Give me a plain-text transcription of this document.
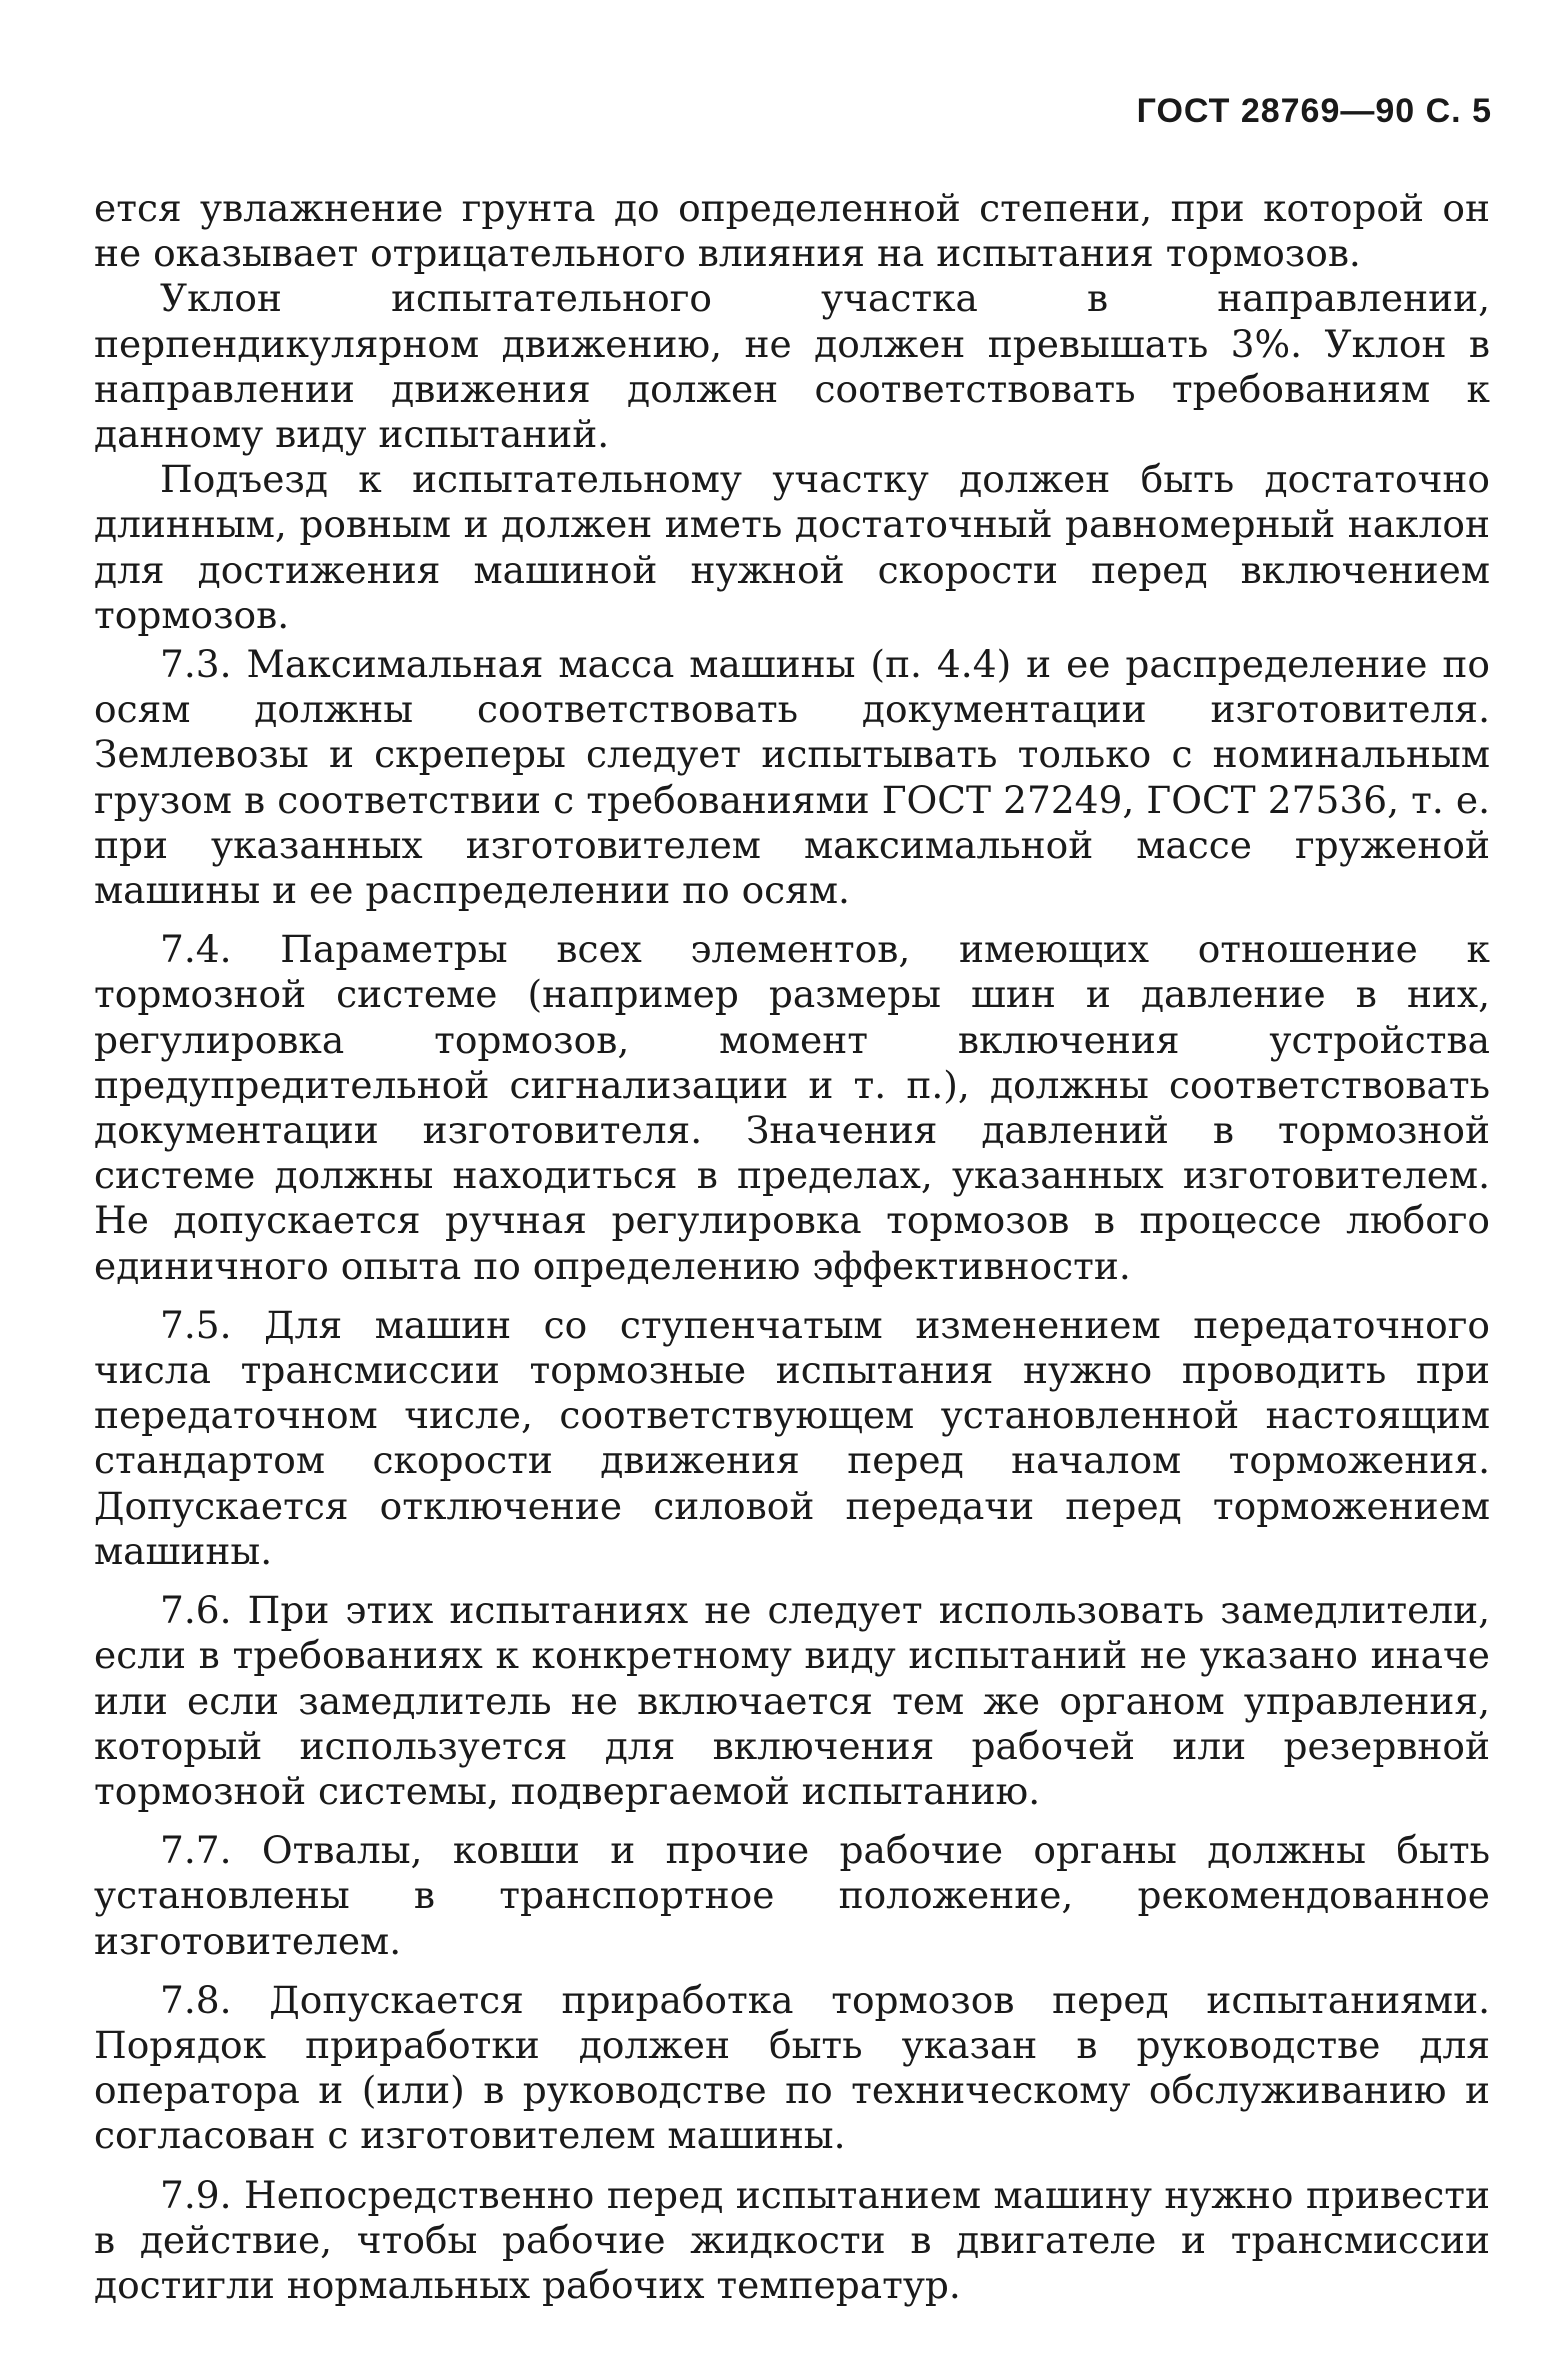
ГОСТ 28769—90 С. 5

ется увлажнение грунта до определенной степени, при которой он не оказывает отрицательного влияния на испытания тормозов.

Уклон испытательного участка в направлении, перпендикулярном движению, не должен превышать 3%. Уклон в направлении движения должен соответствовать требованиям к данному виду испытаний.

Подъезд к испытательному участку должен быть достаточно длинным, ровным и должен иметь достаточный равномерный наклон для достижения машиной нужной скорости перед включением тормозов.

7.3. Максимальная масса машины (п. 4.4) и ее распределение по осям должны соответствовать документации изготовителя. Землевозы и скреперы следует испытывать только с номинальным грузом в соответствии с требованиями ГОСТ 27249, ГОСТ 27536, т. е. при указанных изготовителем максимальной массе груженой машины и ее распределении по осям.

7.4. Параметры всех элементов, имеющих отношение к тормозной системе (например размеры шин и давление в них, регулировка тормозов, момент включения устройства предупредительной сигнализации и т. п.), должны соответствовать документации изготовителя. Значения давлений в тормозной системе должны находиться в пределах, указанных изготовителем. Не допускается ручная регулировка тормозов в процессе любого единичного опыта по определению эффективности.

7.5. Для машин со ступенчатым изменением передаточного числа трансмиссии тормозные испытания нужно проводить при передаточном числе, соответствующем установленной настоящим стандартом скорости движения перед началом торможения. Допускается отключение силовой передачи перед торможением машины.

7.6. При этих испытаниях не следует использовать замедлители, если в требованиях к конкретному виду испытаний не указано иначе или если замедлитель не включается тем же органом управления, который используется для включения рабочей или резервной тормозной системы, подвергаемой испытанию.

7.7. Отвалы, ковши и прочие рабочие органы должны быть установлены в транспортное положение, рекомендованное изготовителем.

7.8. Допускается приработка тормозов перед испытаниями. Порядок приработки должен быть указан в руководстве для оператора и (или) в руководстве по техническому обслуживанию и согласован с изготовителем машины.

7.9. Непосредственно перед испытанием машину нужно привести в действие, чтобы рабочие жидкости в двигателе и трансмиссии достигли нормальных рабочих температур.
